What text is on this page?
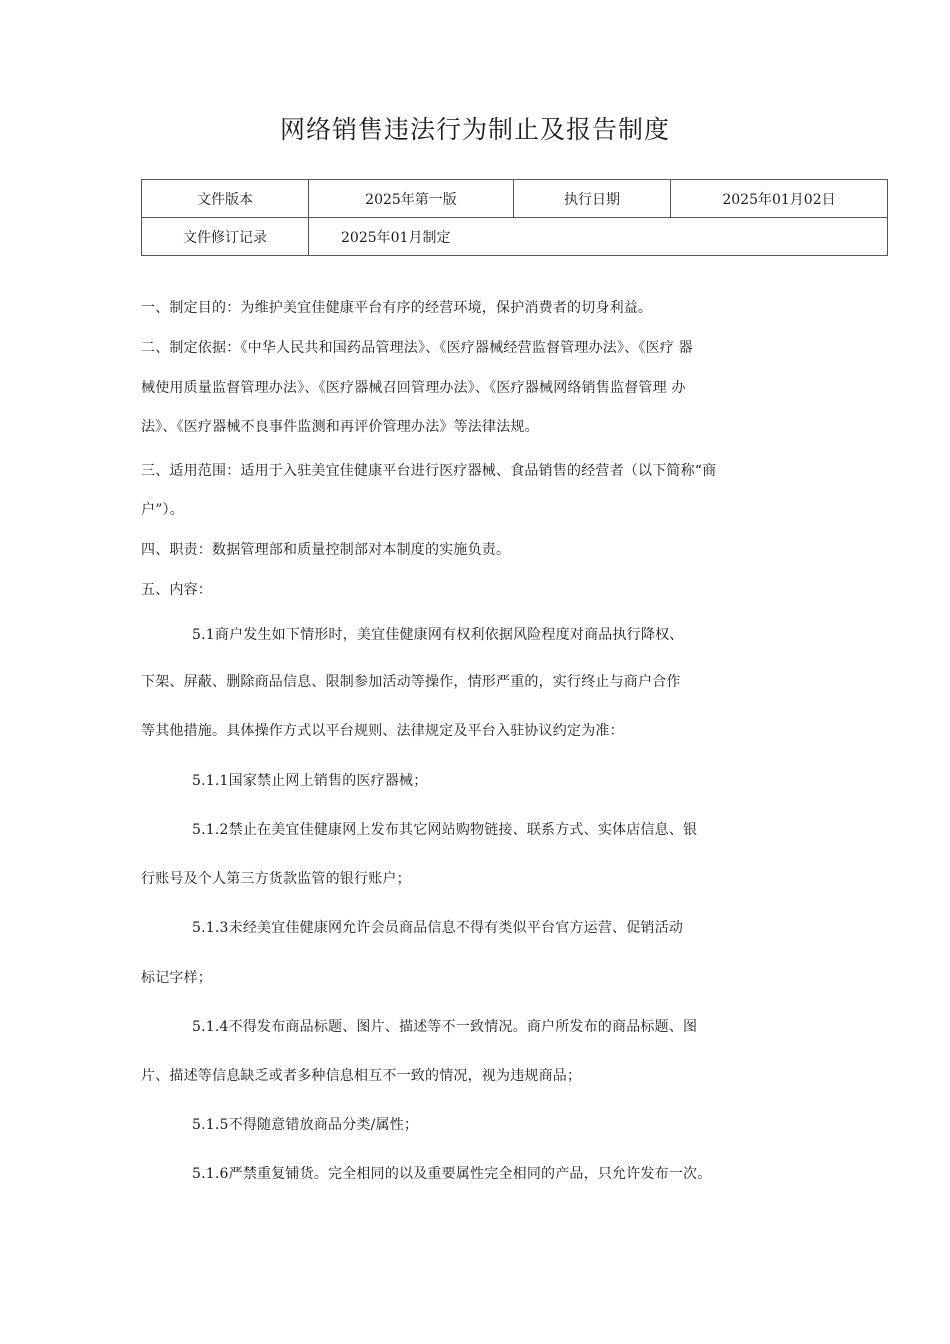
网络销售违法行为制止及报告制度
文件版本	2025年第一版	执行日期	2025年01月02日
文件修订记录	2025年01月制定		
一、制定目的：为维护美宜佳健康平台有序的经营环境，保护消费者的切身利益。
二、制定依据：《中华人民共和国药品管理法》、《医疗器械经营监督管理办法》、《医疗 器
械使用质量监督管理办法》、《医疗器械召回管理办法》、《医疗器械网络销售监督管理 办
法》、《医疗器械不良事件监测和再评价管理办法》等法律法规。
三、适用范围：适用于入驻美宜佳健康平台进行医疗器械、食品销售的经营者（以下简称“商
户”）。
四、职责：数据管理部和质量控制部对本制度的实施负责。
五、内容：
5.1商户发生如下情形时，美宜佳健康网有权利依据风险程度对商品执行降权、
下架、屏蔽、删除商品信息、限制参加活动等操作，情形严重的，实行终止与商户合作
等其他措施。具体操作方式以平台规则、法律规定及平台入驻协议约定为准：
5.1.1国家禁止网上销售的医疗器械；
5.1.2禁止在美宜佳健康网上发布其它网站购物链接、联系方式、实体店信息、银
行账号及个人第三方货款监管的银行账户；
5.1.3未经美宜佳健康网允许会员商品信息不得有类似平台官方运营、促销活动
标记字样；
5.1.4不得发布商品标题、图片、描述等不一致情况。商户所发布的商品标题、图
片、描述等信息缺乏或者多种信息相互不一致的情况，视为违规商品；
5.1.5不得随意错放商品分类/属性；
5.1.6严禁重复铺货。完全相同的以及重要属性完全相同的产品，只允许发布一次。
